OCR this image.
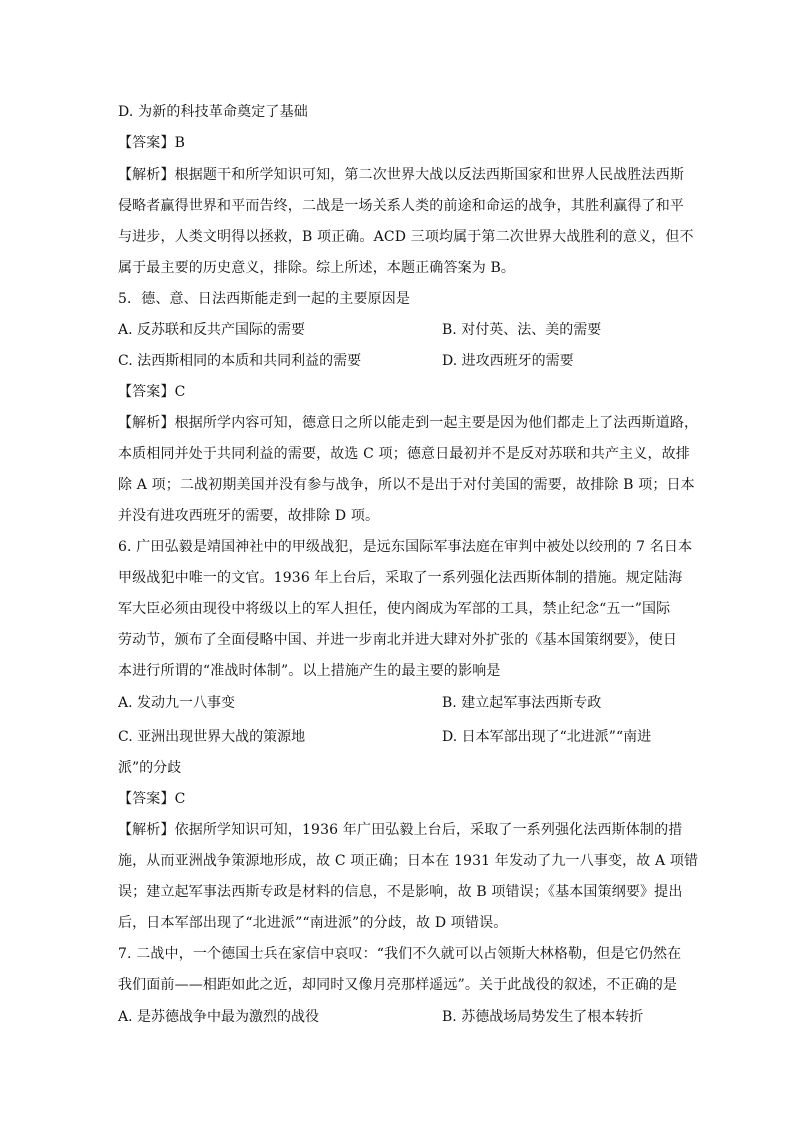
D. 为新的科技革命奠定了基础
【答案】B
【解析】根据题干和所学知识可知，第二次世界大战以反法西斯国家和世界人民战胜法西斯
侵略者赢得世界和平而告终，二战是一场关系人类的前途和命运的战争，其胜利赢得了和平
与进步，人类文明得以拯救，B 项正确。ACD 三项均属于第二次世界大战胜利的意义，但不
属于最主要的历史意义，排除。综上所述，本题正确答案为 B。
5．德、意、日法西斯能走到一起的主要原因是
A. 反苏联和反共产国际的需要	B. 对付英、法、美的需要
C. 法西斯相同的本质和共同利益的需要	D. 进攻西班牙的需要
【答案】C
【解析】根据所学内容可知，德意日之所以能走到一起主要是因为他们都走上了法西斯道路，
本质相同并处于共同利益的需要，故选 C 项；德意日最初并不是反对苏联和共产主义，故排
除 A 项；二战初期美国并没有参与战争，所以不是出于对付美国的需要，故排除 B 项；日本
并没有进攻西班牙的需要，故排除 D 项。
6. 广田弘毅是靖国神社中的甲级战犯，是远东国际军事法庭在审判中被处以绞刑的 7 名日本
甲级战犯中唯一的文官。1936 年上台后，采取了一系列强化法西斯体制的措施。规定陆海
军大臣必须由现役中将级以上的军人担任，使内阁成为军部的工具，禁止纪念“五一”国际
劳动节，颁布了全面侵略中国、并进一步南北并进大肆对外扩张的《基本国策纲要》，使日
本进行所谓的“准战时体制”。以上措施产生的最主要的影响是
A. 发动九一八事变	B. 建立起军事法西斯专政
C. 亚洲出现世界大战的策源地	D. 日本军部出现了“北进派”“南进
派”的分歧
【答案】C
【解析】依据所学知识可知，1936 年广田弘毅上台后，采取了一系列强化法西斯体制的措
施，从而亚洲战争策源地形成，故 C 项正确；日本在 1931 年发动了九一八事变，故 A 项错
误；建立起军事法西斯专政是材料的信息，不是影响，故 B 项错误；《基本国策纲要》提出
后，日本军部出现了“北进派”“南进派”的分歧，故 D 项错误。
7. 二战中，一个德国士兵在家信中哀叹：“我们不久就可以占领斯大林格勒，但是它仍然在
我们面前——相距如此之近，却同时又像月亮那样遥远”。关于此战役的叙述，不正确的是
A. 是苏德战争中最为激烈的战役	B. 苏德战场局势发生了根本转折
